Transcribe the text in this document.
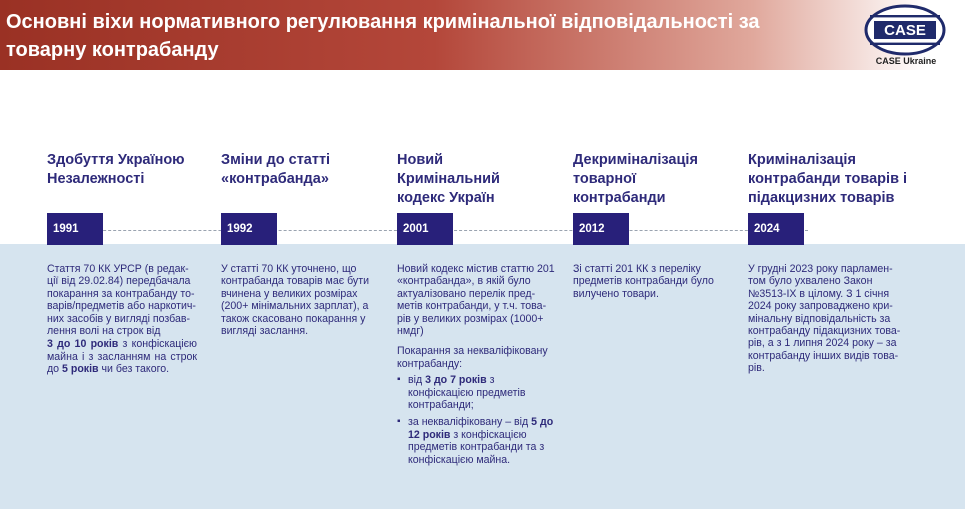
Основні віхи нормативного регулювання кримінальної відповідальності за товарну контрабанду
CASE
CASE Ukraine
Здобуття Україною Незалежності
1991
Стаття 70 КК УРСР (в редак- ції від 29.02.84) передбачала покарання за контрабанду то- варів/предметів або наркотич- них засобів у вигляді позбав- лення волі на строк від
3 до 10 років з конфіскацією майна і з засланням на строк до 5 років чи без такого.
Зміни до статті «контрабанда»
1992

У статті 70 КК уточнено, що контрабанда товарів має бути вчинена у великих розмірах (200+ мінімальних зарплат), а також скасовано покарання у вигляді заслання.

Новий Кримінальний кодекс Україн
2001

Новий кодекс містив статтю 201 «контрабанда», в якій було актуалізовано перелік пред- метів контрабанди, у т.ч. това- рів у великих розмірах (1000+ нмдг)

Покарання за некваліфіковану контрабанду:

▪ від 3 до 7 років з конфіскацією предметів контрабанди;
▪ за некваліфіковану – від 5 до 12 років з конфіскацією предметів контрабанди та з конфіскацією майна.
Декриміналізація товарної контрабанди
2012

Зі статті 201 КК з переліку предметів контрабанди було вилучено товари.

Криміналізація контрабанди товарів і підакцизних товарів
2024

У грудні 2023 року парламен- том було ухвалено Закон №3513-IX в цілому. З 1 січня 2024 року запроваджено кри- мінальну відповідальність за контрабанду підакцизних това- рів, а з 1 липня 2024 року – за контрабанду інших видів това- рів.
